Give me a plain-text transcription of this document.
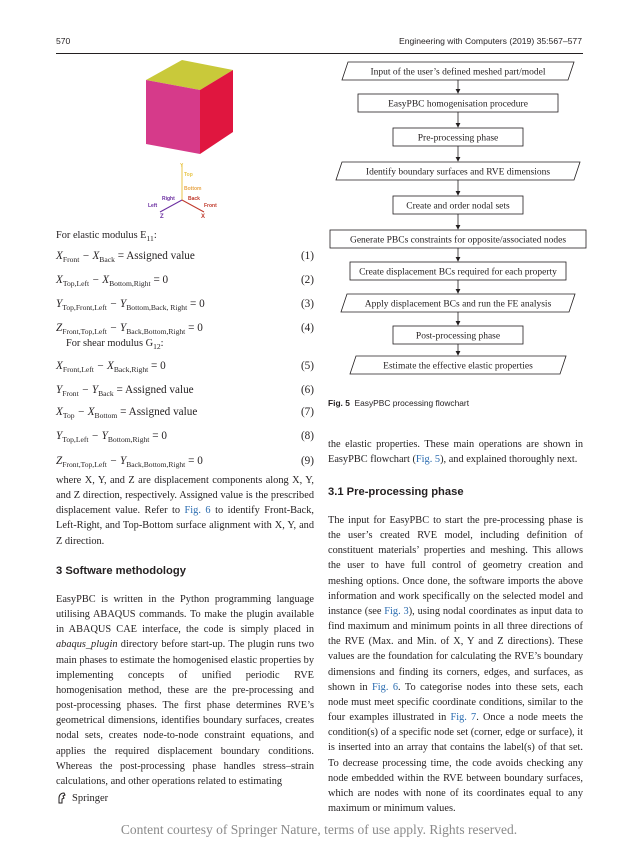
570	Engineering with Computers (2019) 35:567–577
Y
Top
Bottom
Right	Back
Left	Front
Z	X
For elastic modulus $E_{11}$:
$X_{Front} - X_{Back}$ = Assigned value	(1)
$X_{Top,Left} - X_{Bottom,Right} = 0$	(2)
$Y_{Top,Front,Left} - Y_{Bottom,Back, Right} = 0$	(3)
$Z_{Front,Top,Left} - Y_{Back,Bottom,Right} = 0$	(4)
For shear modulus $G_{12}$:
$X_{Front,Left} - X_{Back,Right} = 0$	(5)
$Y_{Front} - Y_{Back}$ = Assigned value	(6)
$X_{Top} - X_{Bottom}$ = Assigned value	(7)
$Y_{Top,Left} - Y_{Bottom,Right} = 0$	(8)
$Z_{Front,Top,Left} - Y_{Back,Bottom,Right} = 0$	(9)

where X, Y, and Z are displacement components along X, Y, and Z direction, respectively. Assigned value is the prescribed displacement value. Refer to Fig. 6 to identify Front-Back, Left-Right, and Top-Bottom surface alignment with X, Y, and Z direction.

3 Software methodology

EasyPBC is written in the Python programming language utilising ABAQUS commands. To make the plugin available in ABAQUS CAE interface, the code is simply placed in abaqus_plugin directory before start-up. The plugin runs two main phases to estimate the homogenised elastic properties by implementing concepts of unified periodic RVE homogenisation method, these are the pre-processing and post-processing phases. The first phase determines RVE’s geometrical dimensions, identifies boundary surfaces, creates nodal sets, creates node-to-node constraint equations, and applies the required displacement boundary conditions. Whereas the post-processing phase handles stress–strain calculations, and other operations related to estimating

Input of the user’s defined meshed part/model
EasyPBC homogenisation procedure
Pre-processing phase
Identify boundary surfaces and RVE dimensions
Create and order nodal sets
Generate PBCs constraints for opposite/associated nodes
Create displacement BCs required for each property
Apply displacement BCs and run the FE analysis
Post-processing phase
Estimate the effective elastic properties
Fig. 5 EasyPBC processing flowchart

the elastic properties. These main operations are shown in EasyPBC flowchart (Fig. 5), and explained thoroughly next.

3.1 Pre-processing phase

The input for EasyPBC to start the pre-processing phase is the user’s created RVE model, including definition of constituent materials’ properties and meshing. This allows the user to have full control of geometry creation and meshing options. Once done, the software imports the above information and work specifically on the selected model and instance (see Fig. 3), using nodal coordinates as input data to find maximum and minimum points in all three directions of the RVE (Max. and Min. of X, Y and Z directions). These values are the foundation for calculating the RVE’s boundary dimensions and finding its corners, edges, and surfaces, as shown in Fig. 6. To categorise nodes into these sets, each node must meet specific coordinate conditions, similar to the four examples illustrated in Fig. 7. Once a node meets the condition(s) of a specific node set (corner, edge or surface), it is inserted into an array that contains the label(s) of that set. To decrease processing time, the code avoids checking any node embedded within the RVE between boundary surfaces, which are nodes with none of its coordinates equal to any maximum or minimum values.

Springer
Content courtesy of Springer Nature, terms of use apply. Rights reserved.
